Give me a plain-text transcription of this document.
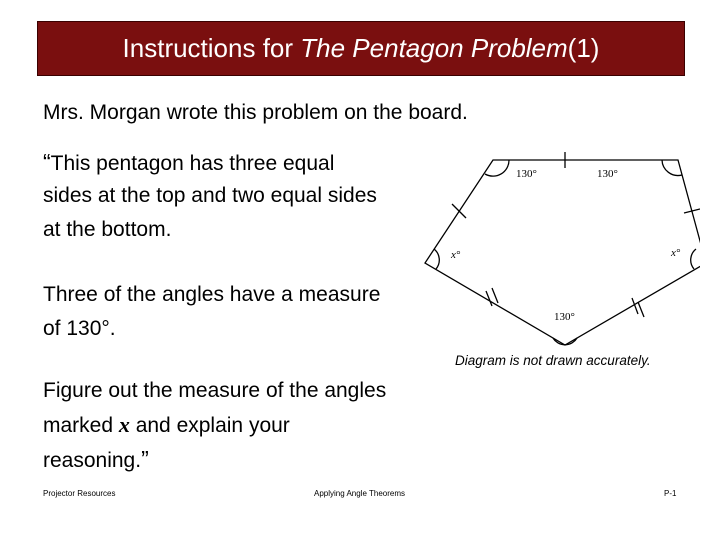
Instructions for
The Pentagon Problem (1)
Mrs. Morgan wrote this problem on the board.
“This pentagon has three equal
sides at the top and two equal sides
at the bottom.
Three of the angles have a measure
of 130°.
Figure out the measure of the angles
marked x and explain your
reasoning.”
130°	130°
x°	x°
130°
Diagram is not drawn accurately.
Projector Resources	Applying Angle Theorems	P-1
